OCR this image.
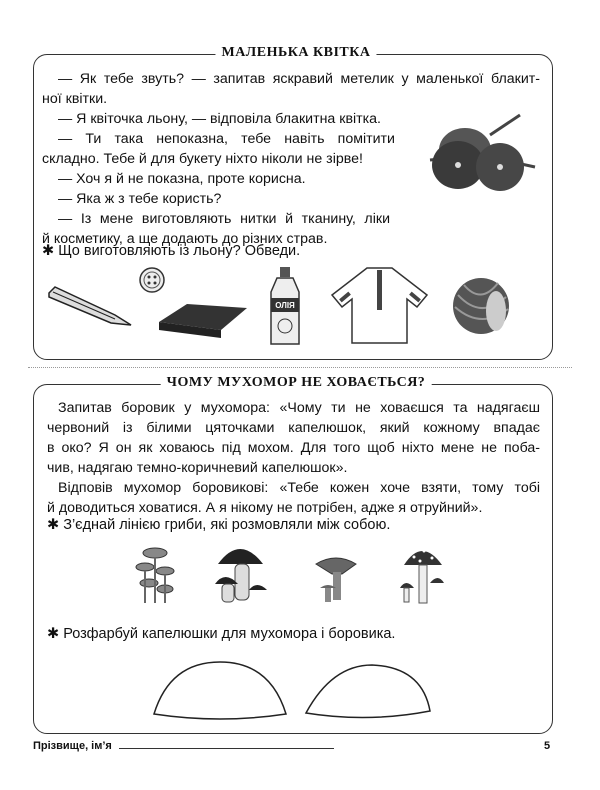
МАЛЕНЬКА КВІТКА
— Як тебе звуть? — запитав яскравий метелик у маленької блакит-
ної квітки.
— Я квіточка льону, — відповіла блакитна квітка.
— Ти така непоказна, тебе навіть помітити
складно. Тебе й для букету ніхто ніколи не зірве!
— Хоч я й не показна, проте корисна.
— Яка ж з тебе користь?
— Із мене виготовляють нитки й тканину, ліки
й косметику, а ще додають до різних страв.
✱ Що виготовляють із льону? Обведи.
ОЛІЯ
ЧОМУ МУХОМОР НЕ ХОВАЄТЬСЯ?
Запитав боровик у мухомора: «Чому ти не ховаєшся та надягаєш
червоний із білими цяточками капелюшок, який кожному впадає
в око? Я он як ховаюсь під мохом. Для того щоб ніхто мене не поба-
чив, надягаю темно-коричневий капелюшок».
Відповів мухомор боровикові: «Тебе кожен хоче взяти, тому тобі
й доводиться ховатися. А я нікому не потрібен, адже я отруйний».
✱ З’єднай лінією гриби, які розмовляли між собою.
✱ Розфарбуй капелюшки для мухомора і боровика.
Прізвище, ім’я	5
